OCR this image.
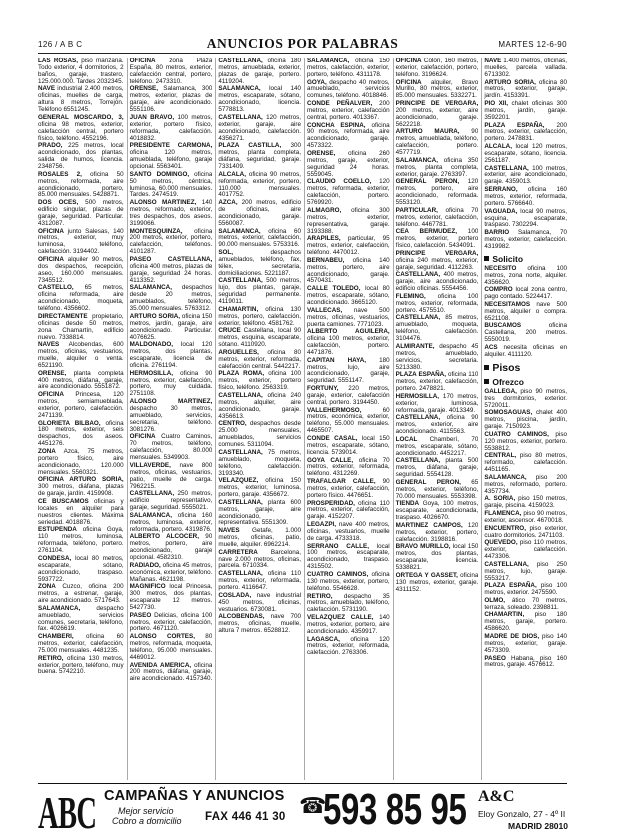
126 / A B C	ANUNCIOS POR PALABRAS	MARTES 12-6-90

LAS ROSAS, piso manzana. Todo exterior, 4 dormitorios, 2 baños, garaje, trastero, 125.000.000. Tardes 2032345.

NAVE industrial 2.400 metros, oficinas, muelles de carga, altura 8 metros, Torrejón. Teléfono 6551245.

GENERAL MOSCARDO, 3, oficina 98 metros, exterior, calefacción central, portero físico, teléfono. 4552196.

PRADO, 225 metros, local acondicionado, dos plantas, salida de humos, licencia. 2348756.

ROSALES 2, oficina 50 metros, reformada, aire acondicionado, portero, 85.000 mensuales. 5428871.

DOS OCES, 500 metros, edificio singular, plazas de garaje, seguridad. Particular. 4312087.

OFICINA junto Salesas, 140 metros, exterior, muy luminosa, teléfono, calefacción. 3194402.

OFICINA alquiler 90 metros, dos despachos, recepción, aseo, 160.000 mensuales. 7345512.

CASTELLO, 65 metros, oficina reformada, aire acondicionado, moqueta, teléfono. 4356602.

DIRECTAMENTE propietario, oficinas desde 50 metros, zona Chamartín, edificio nuevo. 7338814.

NAVES Alcobendas, 600 metros, oficinas, vestuarios, muelle, alquiler o venta. 6521190.

ORENSE, planta completa 400 metros, diáfana, garaje, aire acondicionado. 5551872.

OFICINA Princesa, 120 metros, semiamueblada, exterior, portero, calefacción. 2471139.

GLORIETA BILBAO, oficina 180 metros, exterior, seis despachos, dos aseos. 4451276.

ZONA Azca, 75 metros, portero físico, aire acondicionado, 120.000 mensuales. 5560321.

OFICINA ARTURO SORIA, 300 metros, diáfana, plazas de garaje, jardín. 4159908.

CE BUSCAMOS oficinas y locales en alquiler para nuestros clientes. Máxima seriedad. 4018876.

ESTUPENDA oficina Goya, 110 metros, luminosa, reformada, teléfono, portero. 2761104.

CONDESA, local 80 metros, escaparate, sótano, acondicionado, traspaso. 5937722.

ZONA Cuzco, oficina 200 metros, a estrenar, garaje, aire acondicionado. 5717643.

SALAMANCA, despacho amueblado, servicios comunes, secretaria, teléfono, fax. 4026619.

CHAMBERI, oficina 60 metros, exterior, calefacción, 75.000 mensuales. 4481235.

RETIRO, oficina 130 metros, exterior, portero, teléfono, muy buena. 5742210.

OFICINA zona Plaza España, 80 metros, exterior, calefacción central, portero, teléfono. 2473310.

ORENSE, Salamanca, 300 metros, exterior, plazas de garaje, aire acondicionado. 5551106.

JUAN BRAVO, 100 metros, exterior, portero físico, reformada, calefacción. 4018832.

PRESIDENTE CARMONA, oficina 120 metros, amueblada, teléfono, garaje opcional. 5563401.

SANTO DOMINGO, oficina 50 metros, céntrica, luminosa, 60.000 mensuales. Tardes. 2474519.

ALONSO MARTINEZ, 140 metros, reformado, exterior, tres despachos, dos aseos. 3199066.

MONTESQUINZA, oficina 200 metros, exterior, portero, calefacción, teléfonos. 4101287.

PASEO CASTELLANA, oficina 400 metros, plazas de garaje, seguridad 24 horas. 4113352.

SALAMANCA, despachos desde 20 metros, amueblados, teléfono, 35.000 mensuales. 5763312.

ARTURO SORIA, oficina 150 metros, jardín, garaje, aire acondicionado. Particular. 4076625.

MALDONADO, local 120 metros, dos plantas, escaparate, licencia de oficina. 2761194.

HERMOSILLA, oficina 90 metros, exterior, calefacción, portero, muy cuidada. 2751108.

ALONSO MARTINEZ, despacho 30 metros, amueblado, servicios, secretaria, teléfono. 3081276.

OFICINA Cuatro Caminos, 70 metros, teléfono, calefacción, 80.000 mensuales. 5349903.

VILLAVERDE, nave 800 metros, oficinas, vestuarios, patio, muelle de carga. 7962215.

CASTELLANA, 250 metros, edificio representativo, garaje, seguridad. 5555021.

SALAMANCA, oficina 160 metros, luminosa, exterior, reformada, portero. 4319876.

ALBERTO ALCOCER, 90 metros, portero, aire acondicionado, garaje opcional. 4582310.

RADIADO, oficina 45 metros, económica, exterior, teléfono. Mañanas. 4621198.

MAGNIFICO local Princesa, 300 metros, dos plantas, escaparate 12 metros. 5427730.

PASEO Delicias, oficina 100 metros, exterior, calefacción, portero. 4671120.

ALONSO CORTES, 80 metros, reformada, moqueta, teléfono, 95.000 mensuales. 4469012.

AVENIDA AMERICA, oficina 200 metros, diáfana, garaje, aire acondicionado. 4157340.

CASTELLANA, oficina 180 metros, amueblada, exterior, plazas de garaje, portero. 4119204.

SALAMANCA, local 140 metros, escaparate, sótano, acondicionado, licencia. 5778813.

CASTELLANA, 120 metros, exterior, garaje, aire acondicionado, calefacción. 4356271.

PLAZA CASTILLA, 300 metros, planta completa, diáfana, seguridad, garaje. 7331409.

ALCALA, oficina 90 metros, reformada, exterior, portero, 110.000 mensuales. 4017752.

AZCA, 200 metros, edificio de oficinas, aire acondicionado, garaje. 5560087.

SALAMANCA, oficina 60 metros, exterior, calefacción, 90.000 mensuales. 5753316.

SOL, despachos amueblados, teléfono, fax, télex, secretaria, domiciliaciones. 5221187.

CASTELLANA, 500 metros, lujo, dos plantas, garaje, seguridad permanente. 4119011.

CHAMARTIN, oficina 130 metros, portero, calefacción, exterior, teléfono. 4581762.

CRUCE Castellana, local 90 metros, esquina, escaparate, sótano. 4110920.

ARGUELLES, oficina 80 metros, exterior, reformada, calefacción central. 5442217.

PLAZA ROMA, oficina 100 metros, exterior, portero físico, teléfono. 2563319.

CASTELLANA, oficina 240 metros, alquiler, aire acondicionado, garaje. 4356613.

CENTRO, despachos desde 25.000 mensuales, amueblados, servicios comunes. 5311094.

CASTELLANA, 75 metros, amueblado, moqueta, teléfono, calefacción. 3193340.

VELAZQUEZ, oficina 150 metros, exterior, luminosa, portero, garaje. 4356672.

CASTELLANA, planta 600 metros, garaje, aire acondicionado, representativa. 5551309.

NAVES Getafe, 1.000 metros, oficinas, patio, muelle, alquiler. 6962214.

CARRETERA Barcelona, nave 2.000 metros, oficinas, parcela. 6710334.

CASTELLANA, oficina 110 metros, exterior, reformada, portero. 4116647.

COSLADA, nave industrial 450 metros, oficinas, vestuarios. 6730081.

ALCOBENDAS, nave 700 metros, oficinas, muelle, altura 7 metros. 6528812.

SALAMANCA, oficina 150 metros, calefacción, exterior, portero, teléfono. 4311178.

GOYA, despacho 40 metros, amueblado, servicios comunes, teléfono. 4018846.

CONDE PEÑALVER, 200 metros, exterior, calefacción central, portero. 4013367.

CONCHA ESPINA, oficina 90 metros, reformada, aire acondicionado, garaje. 4573322.

ORENSE, oficina 260 metros, garaje, exterior, seguridad 24 horas. 5559045.

CLAUDIO COELLO, 120 metros, reformada, exterior, calefacción, portero. 5769920.

ALMAGRO, oficina 300 metros, exterior, representativa, garaje. 3193388.

ARAPILES, particular, 95 metros, exterior, calefacción, teléfono. 4470012.

BERNABEU, oficina 140 metros, portero, aire acondicionado, garaje. 4570431.

CALLE TOLEDO, local 80 metros, escaparate, sótano, acondicionado. 3665120.

VALLECAS, nave 500 metros, oficinas, vestuarios, puerta camiones. 7771023.

ALBERTO AGUILERA, oficina 100 metros, exterior, calefacción, portero. 4471876.

CAPITAN HAYA, 180 metros, lujo, aire acondicionado, garaje, seguridad. 5551147.

FORTUNY, 220 metros, garaje, exterior, calefacción central, portero. 3194450.

VALLEHERMOSO, 60 metros, económica, exterior, teléfono, 55.000 mensuales. 4465507.

CONDE CASAL, local 150 metros, escaparate, sótano, licencia. 5739014.

GOYA CALLE, oficina 70 metros, exterior, reformada, teléfono. 4312269.

TRAFALGAR CALLE, 90 metros, exterior, calefacción, portero físico. 4476651.

PROSPERIDAD, oficina 110 metros, exterior, calefacción, garaje. 4152207.

LEGAZPI, nave 400 metros, oficinas, vestuarios, muelle de carga. 4733318.

SERRANO CALLE, local 100 metros, escaparate, acondicionado, traspaso. 4315502.

CUATRO CAMINOS, oficina 130 metros, exterior, portero, teléfono. 5546628.

RETIRO, despacho 35 metros, amueblado, teléfono, calefacción. 5731190.

VELAZQUEZ CALLE, 140 metros, exterior, portero, aire acondicionado. 4359917.

LAGASCA, oficina 120 metros, exterior, reformada, calefacción. 2763306.

OFICINA Colón, 160 metros, exterior, calefacción, portero, teléfono. 3196624.

OFICINA alquiler, Bravo Murillo, 80 metros, exterior, 85.000 mensuales. 5332271.

PRINCIPE DE VERGARA, 200 metros, exterior, aire acondicionado, garaje. 5622218.

ARTURO MAURA, 90 metros, amueblada, teléfono, calefacción, portero. 4577719.

SALAMANCA, oficina 350 metros, planta completa, exterior, garaje. 2763397.

GENERAL PERON, 120 metros, portero, aire acondicionado, reformada. 5553120.

PARTICULAR, oficina 70 metros, exterior, calefacción, teléfono. 4467781.

CEA BERMUDEZ, 100 metros, exterior, portero físico, calefacción. 5434091.

PRINCIPE VERGARA, oficina 240 metros, exterior, garaje, seguridad. 4112263.

CASTELLANA, 400 metros, garaje, aire acondicionado, edificio oficinas. 5554456.

FLEMING, oficina 100 metros, exterior, reformada, portero. 4575510.

CASTELLANA, 85 metros, amueblado, moqueta, teléfono, calefacción. 3104476.

ALMIRANTE, despacho 45 metros, amueblado, servicios, secretaria. 5213380.

PLAZA ESPAÑA, oficina 110 metros, exterior, calefacción, portero. 2478821.

HERMOSILLA, 170 metros, exterior, luminosa, reformada, garaje. 4013349.

CASTELLANA, oficina 90 metros, exterior, aire acondicionado. 4115563.

LOCAL Chamberí, 70 metros, escaparate, sótano, acondicionado. 4452217.

CASTELLANA, planta 500 metros, diáfana, garaje, seguridad. 5554128.

GENERAL PERON, 65 metros, exterior, teléfono, 70.000 mensuales. 5553398.

TIENDA Goya, 100 metros, escaparate, acondicionada, traspaso. 4026670.

MARTINEZ CAMPOS, 120 metros, exterior, portero, calefacción. 3198816.

BRAVO MURILLO, local 150 metros, dos plantas, escaparate, licencia. 5338821.

ORTEGA Y GASSET, oficina 130 metros, exterior, garaje. 4311152.

NAVE 1.400 metros, oficinas, muelles, parcela vallada. 6713302.

ARTURO SORIA, oficina 80 metros, exterior, garaje, jardín. 4153391.

PIO XII, chalet oficinas 300 metros, jardín, garaje. 3592201.

PLAZA ESPAÑA, 200 metros, exterior, calefacción, portero. 2478831.

ALCALA, local 120 metros, escaparate, sótano, licencia. 2561187.

CASTELLANA, 100 metros, exterior, aire acondicionado, garaje. 4359013.

SERRANO, oficina 160 metros, exterior, reformada, portero. 5766640.

VAGUADA, local 90 metros, esquina, escaparate, traspaso. 7302294.

BARRIO Salamanca, 70 metros, exterior, calefacción. 4319982.

Solicito

NECESITO oficina 100 metros, zona norte, alquiler. 4356620.

COMPRO local zona centro, pago contado. 5224417.

NECESITAMOS nave 500 metros, alquiler o compra. 6521108.

BUSCAMOS oficina Castellana, 200 metros. 5550019.

ACS necesita oficinas en alquiler. 4111120.

Pisos
Ofrezco

GALLEGA, piso 90 metros, tres dormitorios, exterior. 5720011.

SOMOSAGUAS, chalet 400 metros, piscina, jardín, garaje. 7150923.

CUATRO CAMINOS, piso 120 metros, exterior, portero. 5538812.

CENTRAL, piso 80 metros, reformado, calefacción. 4451165.

SALAMANCA, piso 200 metros, reformado, portero. 4357734.

A. SORIA, piso 150 metros, garaje, piscina. 4159023.

FLAMENCA, piso 90 metros, exterior, ascensor. 4670018.

ENCUENTRO, piso exterior, cuatro dormitorios. 2471103.

QUEVEDO, piso 110 metros, exterior, calefacción. 4473306.

CASTELLANA, piso 250 metros, lujo, garaje. 5553217.

PLAZA ESPAÑA, piso 100 metros, exterior. 2475590.

OLMO, ático 70 metros, terraza, soleado. 2398811.

CHAMARTIN, piso 180 metros, garaje, portero. 4586620.

MADRE DE DIOS, piso 140 metros, exterior, garaje. 4573309.

PASEO Habana, piso 160 metros, garaje. 4576612.

ABC CAMPAÑAS Y ANUNCIOS
Mejor servicio
Cobro a domicilio FAX 446 41 30 ☎
593 85 95 A&C
Eloy Gonzalo, 27 - 4º II
MADRID 28010
